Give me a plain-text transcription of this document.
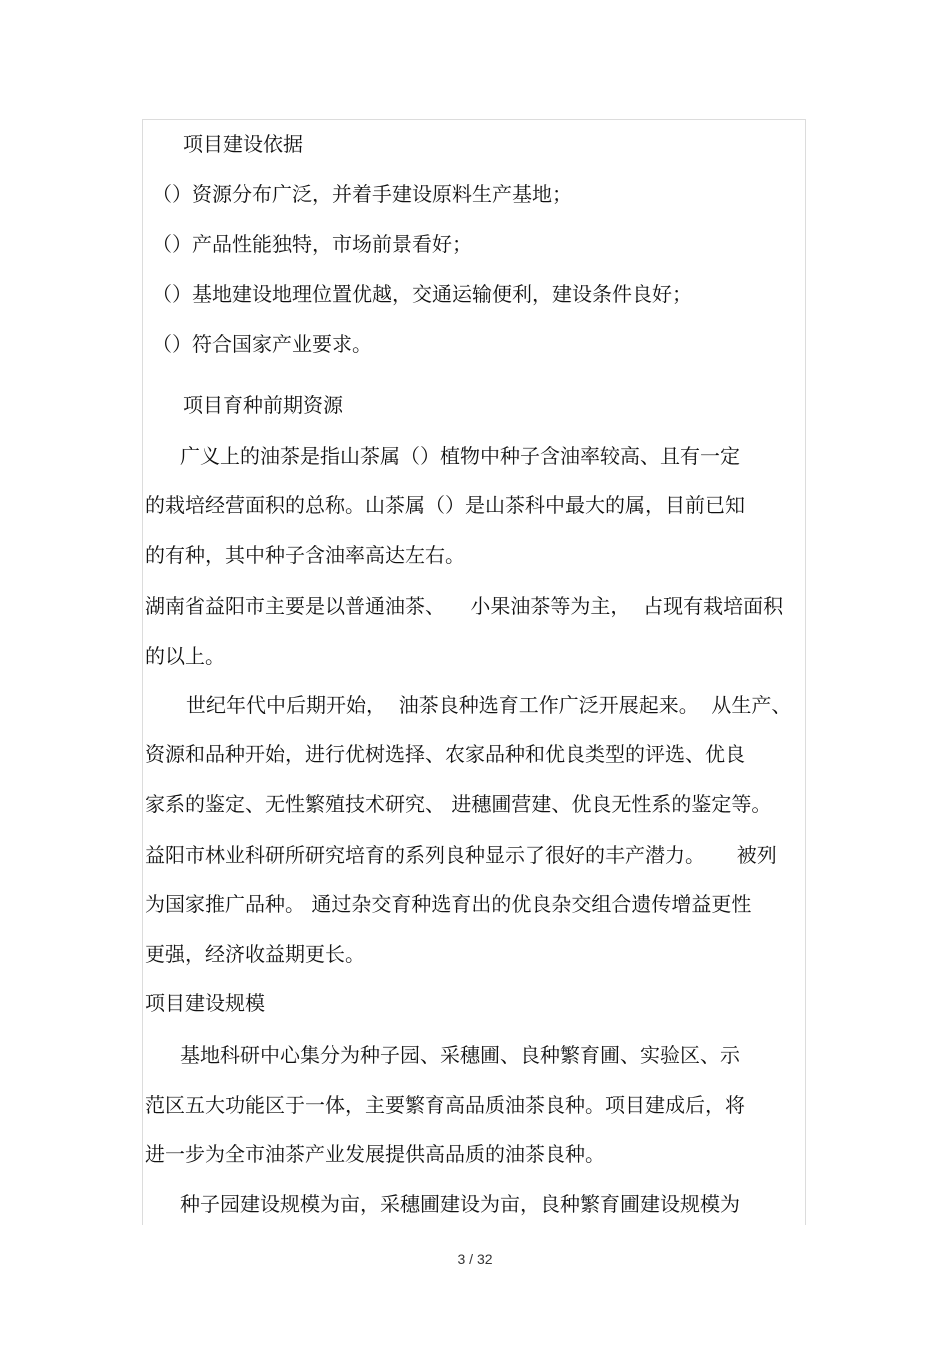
项目建设依据
（）资源分布广泛，并着手建设原料生产基地；
（）产品性能独特，市场前景看好；
（）基地建设地理位置优越，交通运输便利，建设条件良好；
（）符合国家产业要求。
项目育种前期资源
广义上的油茶是指山茶属（）植物中种子含油率较高、且有一定
的栽培经营面积的总称。山茶属（）是山茶科中最大的属，目前已知
的有种，其中种子含油率高达左右。
湖南省益阳市主要是以普通油茶、    小果油茶等为主，  占现有栽培面积
的以上。
世纪年代中后期开始，  油茶良种选育工作广泛开展起来。  从生产、
资源和品种开始，进行优树选择、农家品种和优良类型的评选、优良
家系的鉴定、无性繁殖技术研究、 进穗圃营建、优良无性系的鉴定等。
益阳市林业科研所研究培育的系列良种显示了很好的丰产潜力。     被列
为国家推广品种。 通过杂交育种选育出的优良杂交组合遗传增益更性
更强，经济收益期更长。
项目建设规模
基地科研中心集分为种子园、采穗圃、良种繁育圃、实验区、示
范区五大功能区于一体，主要繁育高品质油茶良种。项目建成后，将
进一步为全市油茶产业发展提供高品质的油茶良种。
种子园建设规模为亩，采穗圃建设为亩，良种繁育圃建设规模为
3 / 32
